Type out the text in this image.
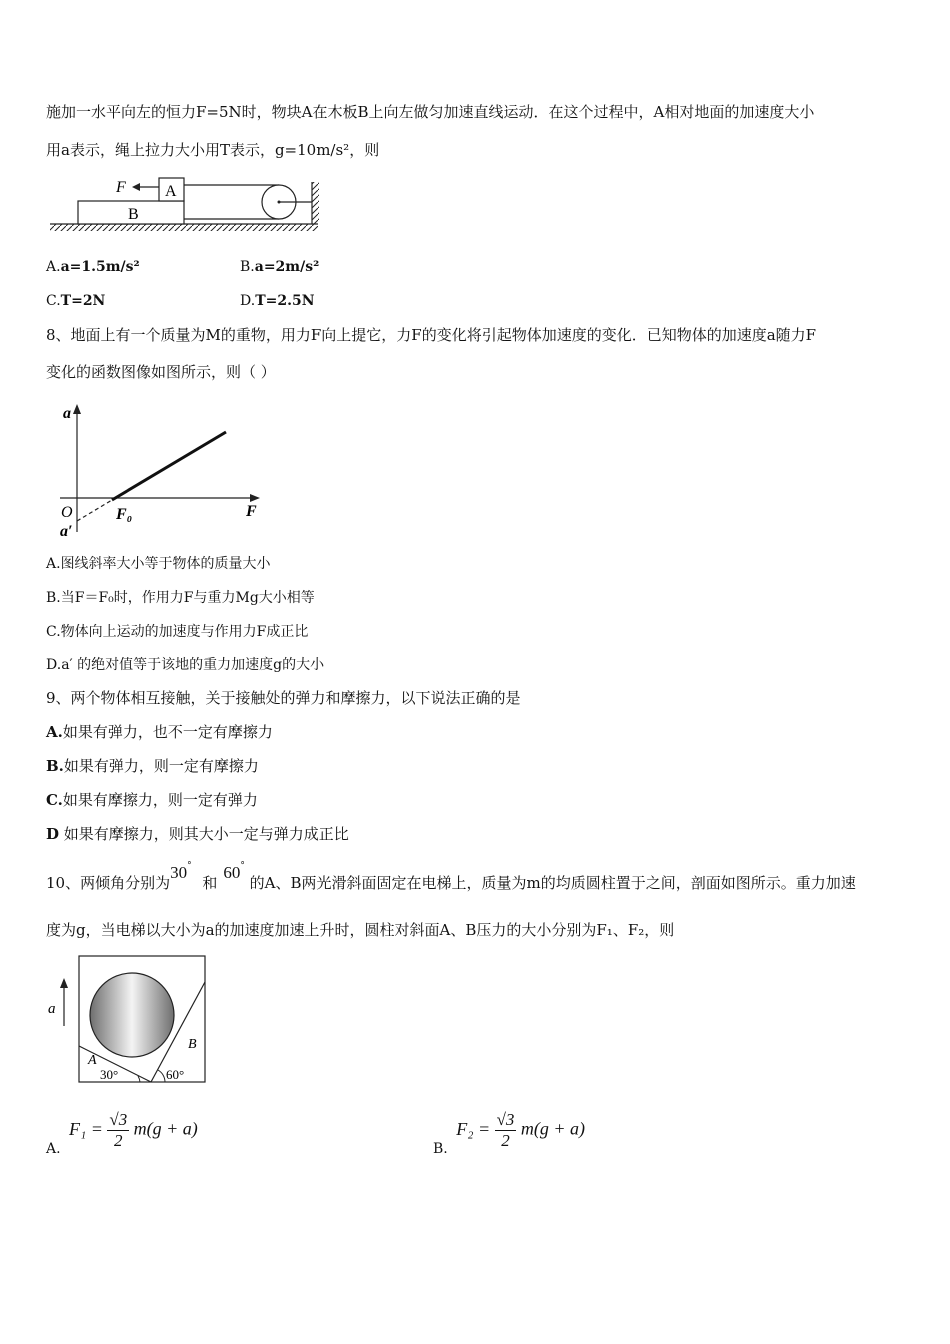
施加一水平向左的恒力F=5N时，物块A在木板B上向左做匀加速直线运动．在这个过程中，A相对地面的加速度大小
用a表示，绳上拉力大小用T表示，g=10m/s²，则
B
A
F
A.a=1.5m/s²	B.a=2m/s²
C.T=2N	D.T=2.5N
8、地面上有一个质量为M的重物，用力F向上提它，力F的变化将引起物体加速度的变化．已知物体的加速度a随力F
变化的函数图像如图所示，则（ ）
a
O
a′
F₀	F
A.图线斜率大小等于物体的质量大小
B.当F＝F₀时，作用力F与重力Mg大小相等
C.物体向上运动的加速度与作用力F成正比
D.a′ 的绝对值等于该地的重力加速度g的大小
9、两个物体相互接触，关于接触处的弹力和摩擦力，以下说法正确的是
A.如果有弹力，也不一定有摩擦力
B.如果有弹力，则一定有摩擦力
C.如果有摩擦力，则一定有弹力
D 如果有摩擦力，则其大小一定与弹力成正比
10、两倾角分别为30° 和60° 的A、B两光滑斜面固定在电梯上，质量为m的均质圆柱置于之间，剖面如图所示。重力加速
度为g，当电梯以大小为a的加速度加速上升时，圆柱对斜面A、B压力的大小分别为F₁、F₂，则
a
A
B
30°	60°
A. $F_1 = \frac{√3}{2} m(g + a)$
B. $F_2 = \frac{√3}{2} m(g + a)$
